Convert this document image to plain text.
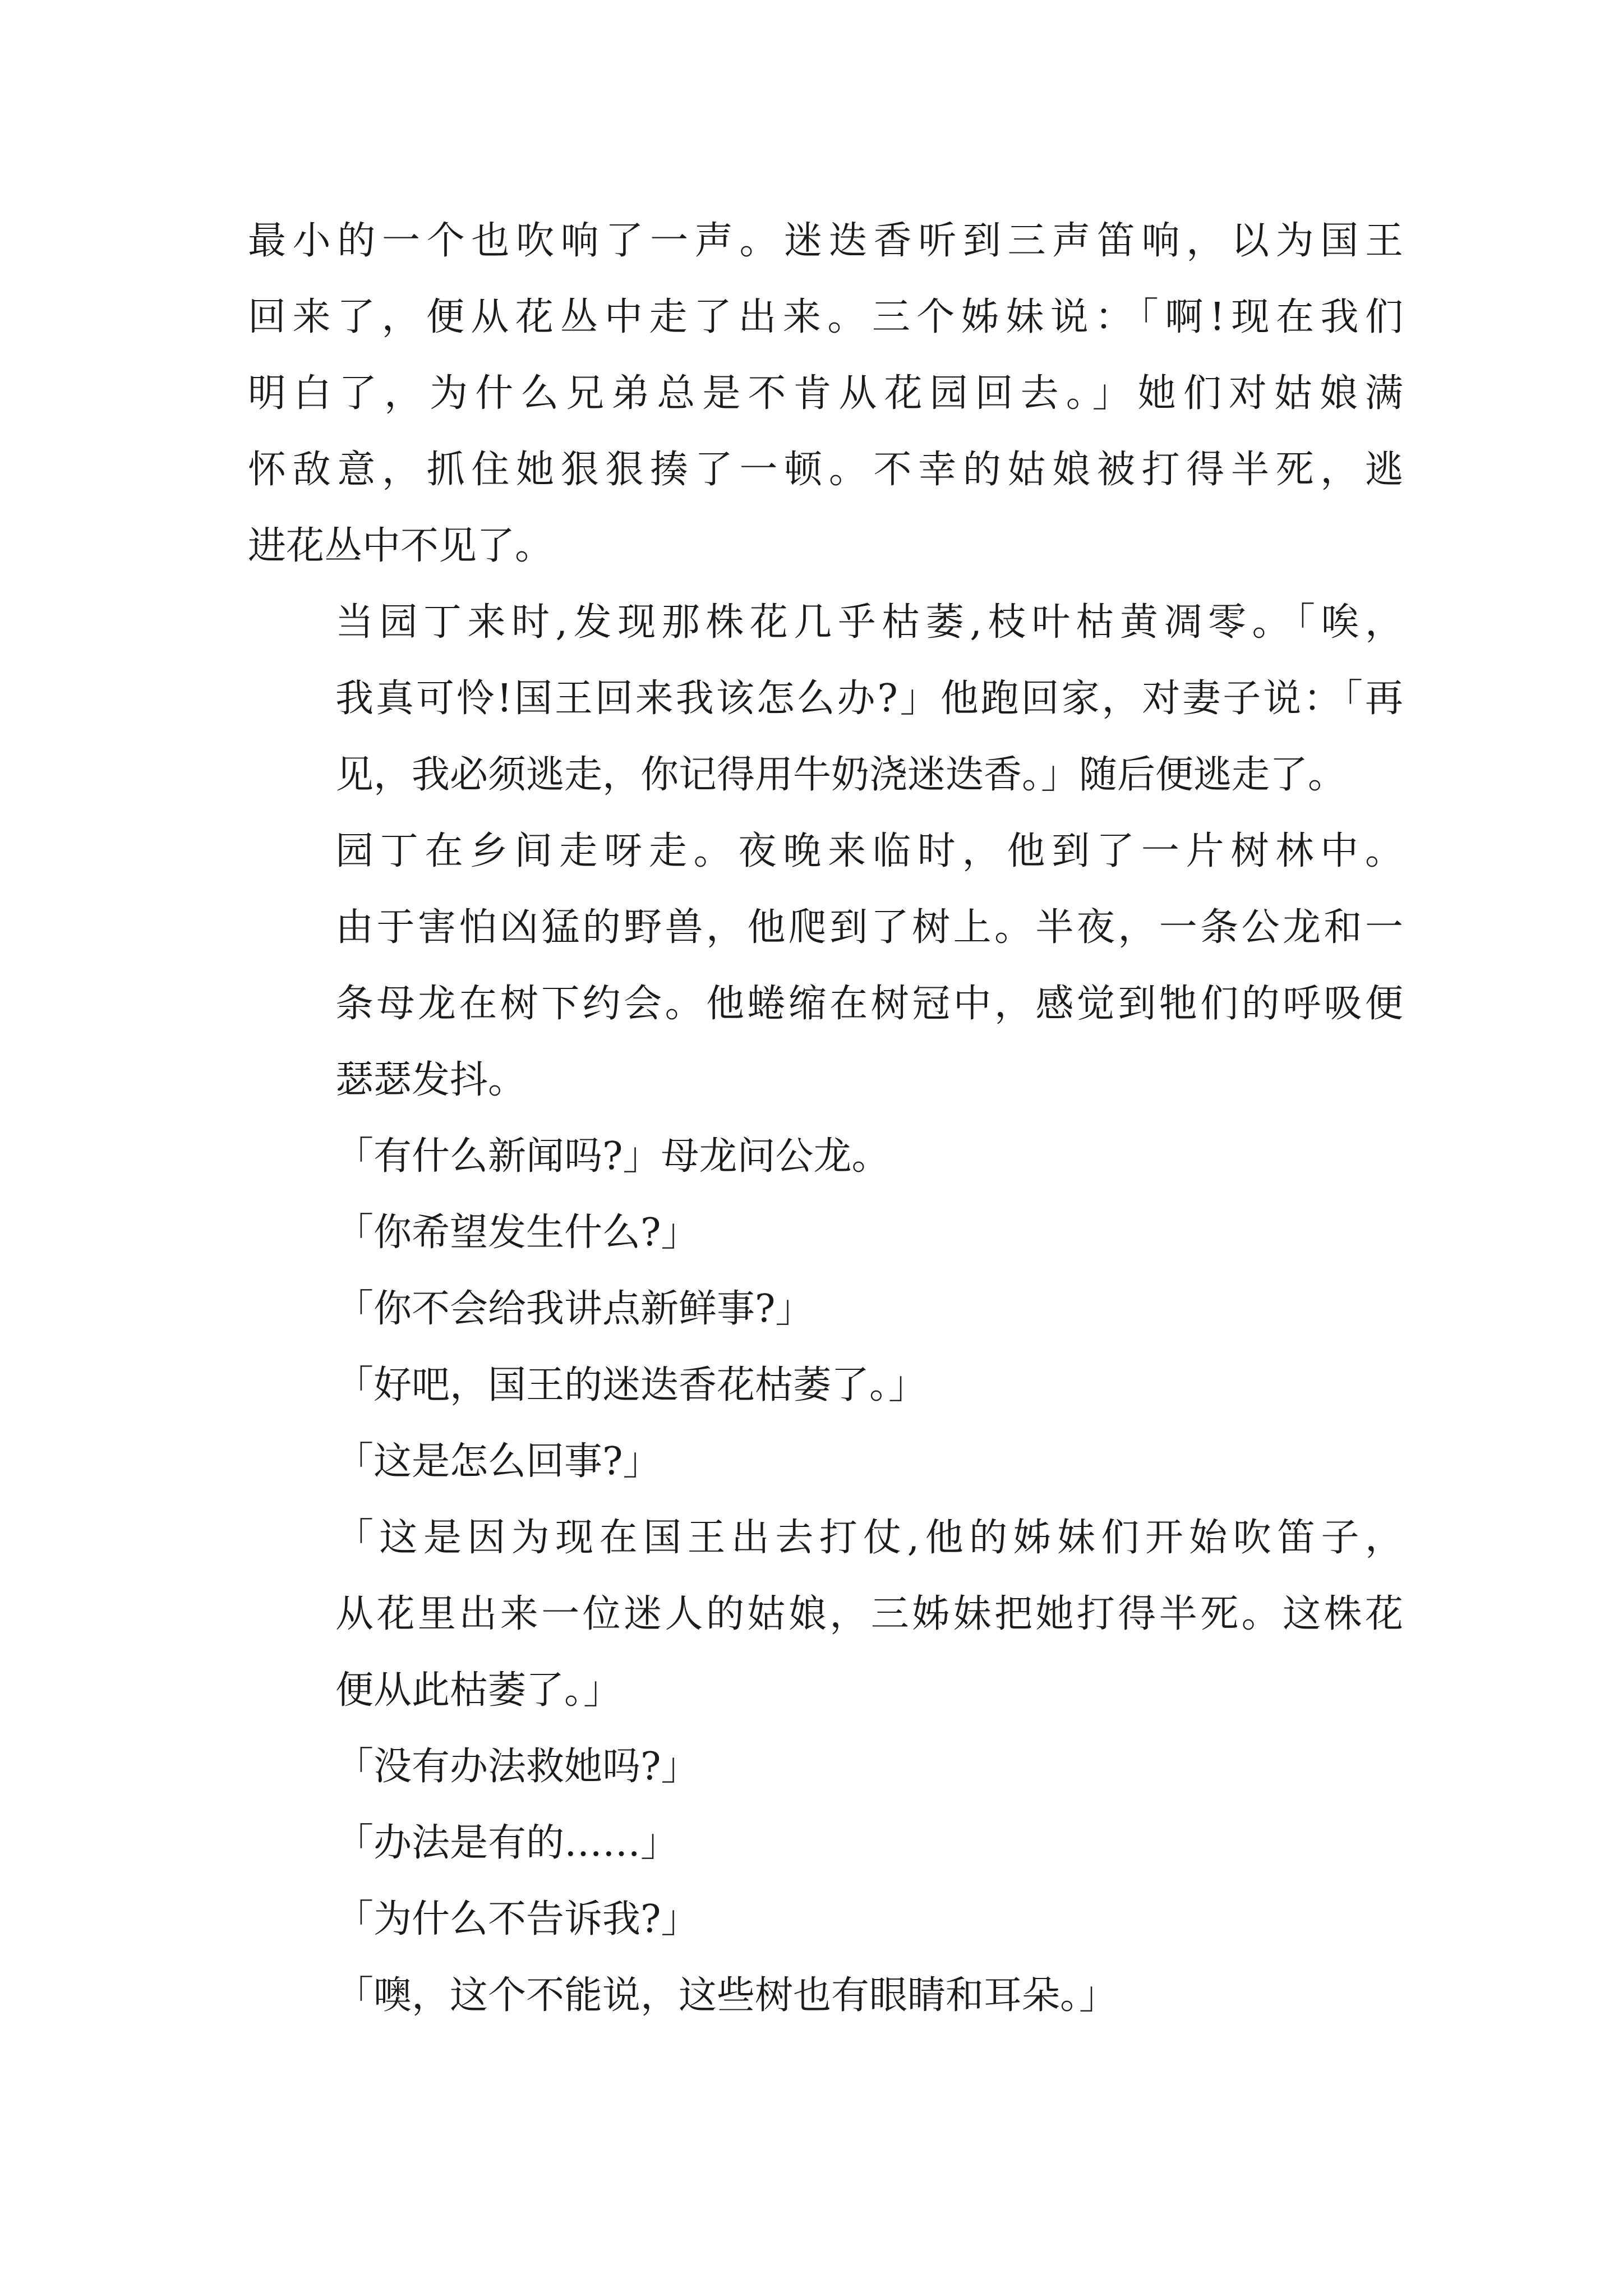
最小的一个也吹响了一声。迷迭香听到三声笛响，以为国王
回来了，便从花丛中走了出来。三个姊妹说：「啊!现在我们
明白了，为什么兄弟总是不肯从花园回去。」她们对姑娘满
怀敌意，抓住她狠狠揍了一顿。不幸的姑娘被打得半死，逃
进花丛中不见了。

当园丁来时,发现那株花几乎枯萎,枝叶枯黄凋零。「唉，
我真可怜!国王回来我该怎么办?」他跑回家，对妻子说：「再
见，我必须逃走，你记得用牛奶浇迷迭香。」随后便逃走了。

园丁在乡间走呀走。夜晚来临时，他到了一片树林中。
由于害怕凶猛的野兽，他爬到了树上。半夜，一条公龙和一
条母龙在树下约会。他蜷缩在树冠中，感觉到牠们的呼吸便
瑟瑟发抖。

「有什么新闻吗?」母龙问公龙。

「你希望发生什么?」

「你不会给我讲点新鲜事?」

「好吧，国王的迷迭香花枯萎了。」

「这是怎么回事?」

「这是因为现在国王出去打仗,他的姊妹们开始吹笛子，
从花里出来一位迷人的姑娘，三姊妹把她打得半死。这株花
便从此枯萎了。」

「没有办法救她吗?」

「办法是有的……」

「为什么不告诉我?」

「噢，这个不能说，这些树也有眼睛和耳朵。」
